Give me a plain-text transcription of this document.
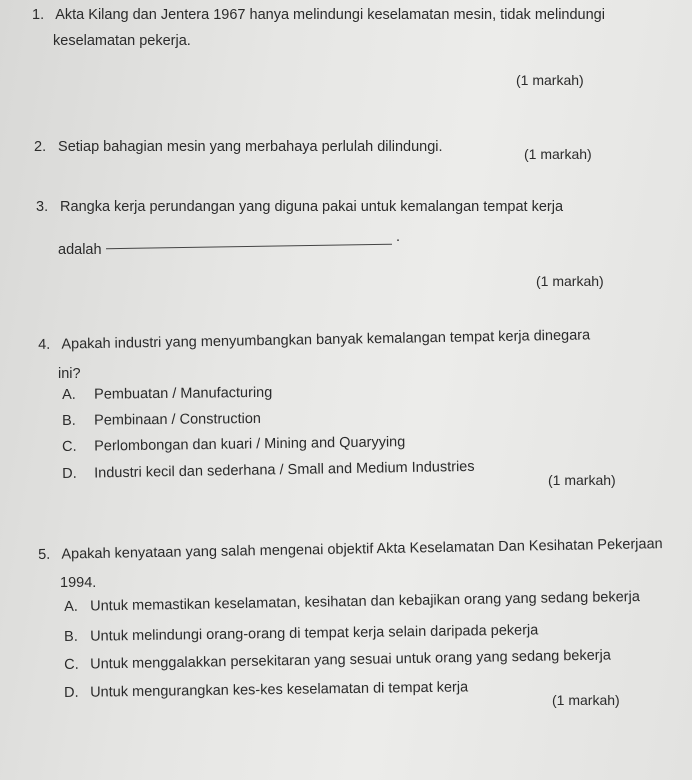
1. Akta Kilang dan Jentera 1967 hanya melindungi keselamatan mesin, tidak melindungi
keselamatan pekerja.
(1 markah)
2. Setiap bahagian mesin yang merbahaya perlulah dilindungi.	(1 markah)
3. Rangka kerja perundangan yang diguna pakai untuk kemalangan tempat kerja
adalah
.
(1 markah)
4. Apakah industri yang menyumbangkan banyak kemalangan tempat kerja dinegara
ini?
A. Pembuatan / Manufacturing
B. Pembinaan / Construction
C. Perlombongan dan kuari / Mining and Quaryying
D. Industri kecil dan sederhana / Small and Medium Industries	(1 markah)
5. Apakah kenyataan yang salah mengenai objektif Akta Keselamatan Dan Kesihatan Pekerjaan
1994.
A. Untuk memastikan keselamatan, kesihatan dan kebajikan orang yang sedang bekerja
B. Untuk melindungi orang-orang di tempat kerja selain daripada pekerja
C. Untuk menggalakkan persekitaran yang sesuai untuk orang yang sedang bekerja
D. Untuk mengurangkan kes-kes keselamatan di tempat kerja	(1 markah)
